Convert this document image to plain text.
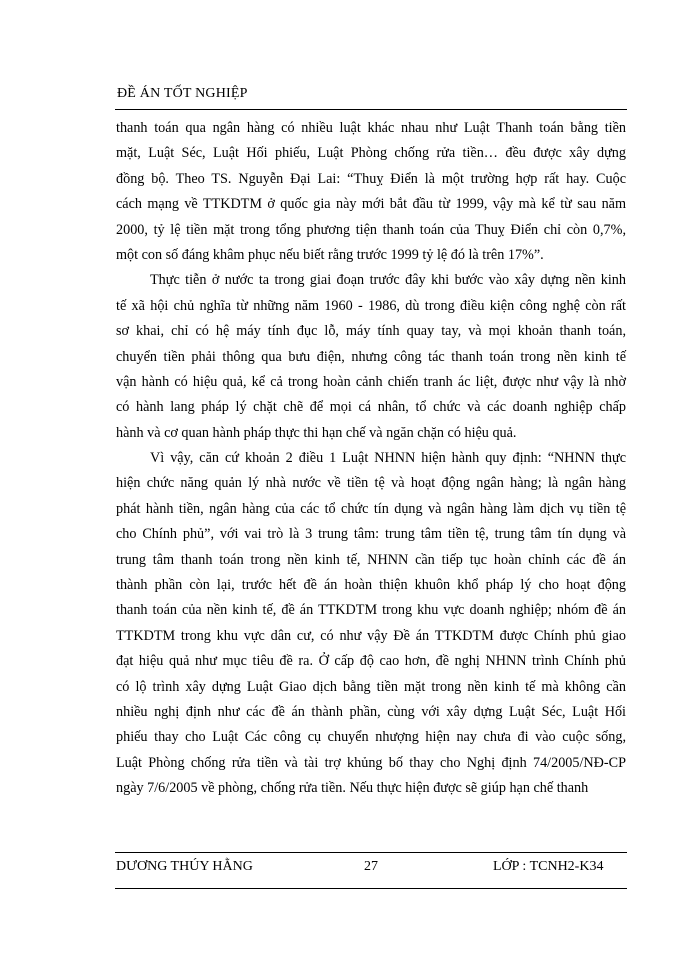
ĐỀ ÁN TỐT NGHIỆP
thanh toán qua ngân hàng có nhiều luật khác nhau như Luật Thanh toán bằng tiền
mặt, Luật Séc, Luật Hối phiếu, Luật Phòng chống rửa tiền… đều được xây dựng
đồng bộ. Theo TS. Nguyễn Đại Lai: “Thuỵ Điển là một trường hợp rất hay. Cuộc
cách mạng về TTKDTM ở quốc gia này mới bắt đầu từ 1999, vậy mà kể từ sau năm
2000, tỷ lệ tiền mặt trong tổng phương tiện thanh toán của Thuỵ Điển chỉ còn 0,7%,
một con số đáng khâm phục nếu biết rằng trước 1999 tỷ lệ đó là trên 17%”.
Thực tiễn ở nước ta trong giai đoạn trước đây khi bước vào xây dựng nền kinh
tế xã hội chủ nghĩa từ những năm 1960 - 1986, dù trong điều kiện công nghệ còn rất
sơ khai, chỉ có hệ máy tính đục lỗ, máy tính quay tay, và mọi khoản thanh toán,
chuyển tiền phải thông qua bưu điện, nhưng công tác thanh toán trong nền kinh tế
vận hành có hiệu quả, kể cả trong hoàn cảnh chiến tranh ác liệt, được như vậy là nhờ
có hành lang pháp lý chặt chẽ để mọi cá nhân, tổ chức và các doanh nghiệp chấp
hành và cơ quan hành pháp thực thi hạn chế và ngăn chặn có hiệu quả.
Vì vậy, căn cứ khoản 2 điều 1 Luật NHNN hiện hành quy định: “NHNN thực
hiện chức năng quản lý nhà nước về tiền tệ và hoạt động ngân hàng; là ngân hàng
phát hành tiền, ngân hàng của các tổ chức tín dụng và ngân hàng làm dịch vụ tiền tệ
cho Chính phủ”, với vai trò là 3 trung tâm: trung tâm tiền tệ, trung tâm tín dụng và
trung tâm thanh toán trong nền kinh tế, NHNN cần tiếp tục hoàn chỉnh các đề án
thành phần còn lại, trước hết đề án hoàn thiện khuôn khổ pháp lý cho hoạt động
thanh toán của nền kinh tế, đề án TTKDTM trong khu vực doanh nghiệp; nhóm đề án
TTKDTM trong khu vực dân cư, có như vậy Đề án TTKDTM được Chính phủ giao
đạt hiệu quả như mục tiêu đề ra. Ở cấp độ cao hơn, đề nghị NHNN trình Chính phủ
có lộ trình xây dựng Luật Giao dịch bằng tiền mặt trong nền kinh tế mà không cần
nhiều nghị định như các đề án thành phần, cùng với xây dựng Luật Séc, Luật Hối
phiếu thay cho Luật Các công cụ chuyển nhượng hiện nay chưa đi vào cuộc sống,
Luật Phòng chống rửa tiền và tài trợ khủng bố thay cho Nghị định 74/2005/NĐ-CP
ngày 7/6/2005 về phòng, chống rửa tiền. Nếu thực hiện được sẽ giúp hạn chế thanh
DƯƠNG THÚY HẰNG	27	LỚP : TCNH2-K34
